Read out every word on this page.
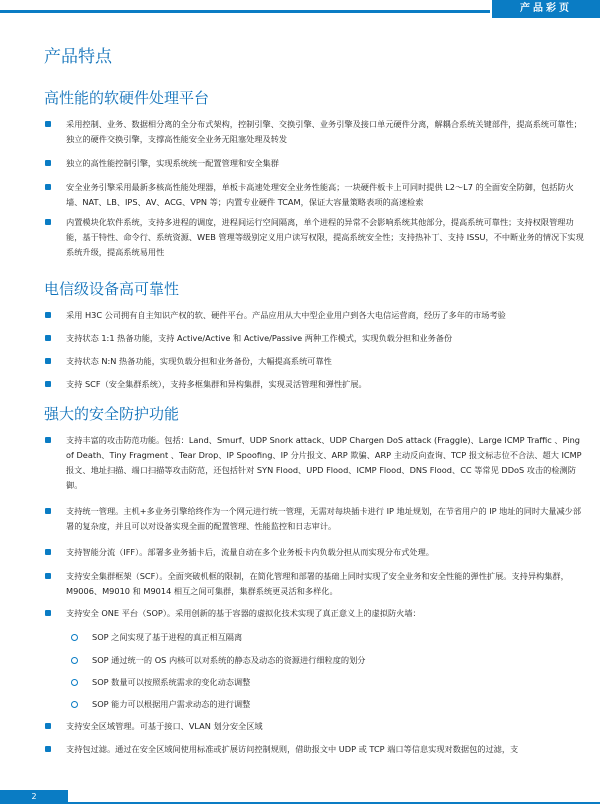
产品彩页
产品特点
高性能的软硬件处理平台
采用控制、业务、数据相分离的全分布式架构，控制引擎、交换引擎、业务引擎及接口单元硬件分离，解耦合系统关键部件，提高系统可靠性；独立的硬件交换引擎，支撑高性能安全业务无阻塞处理及转发
独立的高性能控制引擎，实现系统统一配置管理和安全集群
安全业务引擎采用最新多核高性能处理器，单板卡高速处理安全业务性能高；一块硬件板卡上可同时提供 L2～L7 的全面安全防御，包括防火墙、NAT、LB、IPS、AV、ACG、VPN 等；内置专业硬件 TCAM，保证大容量策略表项的高速检索
内置模块化软件系统，支持多进程的调度，进程间运行空间隔离，单个进程的异常不会影响系统其他部分，提高系统可靠性；支持权限管理功能，基于特性、命令行、系统资源、WEB 管理等级别定义用户读写权限，提高系统安全性；支持热补丁、支持 ISSU，不中断业务的情况下实现系统升级，提高系统易用性
电信级设备高可靠性
采用 H3C 公司拥有自主知识产权的软、硬件平台。产品应用从大中型企业用户到各大电信运营商，经历了多年的市场考验
支持状态 1:1 热备功能，支持 Active/Active 和 Active/Passive 两种工作模式，实现负载分担和业务备份
支持状态 N:N 热备功能，实现负载分担和业务备份，大幅提高系统可靠性
支持 SCF（安全集群系统），支持多框集群和异构集群，实现灵活管理和弹性扩展。
强大的安全防护功能
支持丰富的攻击防范功能。包括：Land、Smurf、UDP Snork attack、UDP Chargen DoS attack (Fraggle)、Large ICMP Traffic 、Ping of Death、Tiny Fragment 、Tear Drop、IP Spoofing、IP 分片报文、ARP 欺骗、ARP 主动反向查询、TCP 报文标志位不合法、超大 ICMP 报文、地址扫描、端口扫描等攻击防范，还包括针对 SYN Flood、UPD Flood、ICMP Flood、DNS Flood、CC 等常见 DDoS 攻击的检测防御。
支持统一管理。主机+多业务引擎给终作为一个网元进行统一管理，无需对每块插卡进行 IP 地址规划，在节省用户的 IP 地址的同时大量减少部署的复杂度，并且可以对设备实现全面的配置管理、性能监控和日志审计。
支持智能分流（IFF）。部署多业务插卡后，流量自动在多个业务板卡内负载分担从而实现分布式处理。
支持安全集群框架（SCF）。全面突破机框的限制，在简化管理和部署的基础上同时实现了安全业务和安全性能的弹性扩展。支持异构集群，M9006、M9010 和 M9014 相互之间可集群，集群系统更灵活和多样化。
支持安全 ONE 平台（SOP）。采用创新的基于容器的虚拟化技术实现了真正意义上的虚拟防火墙：
SOP 之间实现了基于进程的真正相互隔离
SOP 通过统一的 OS 内核可以对系统的静态及动态的资源进行细粒度的划分
SOP 数量可以按照系统需求的变化动态调整
SOP 能力可以根据用户需求动态的进行调整
支持安全区域管理。可基于接口、VLAN 划分安全区域
支持包过滤。通过在安全区域间使用标准或扩展访问控制规则，借助报文中 UDP 或 TCP 端口等信息实现对数据包的过滤，支
2
